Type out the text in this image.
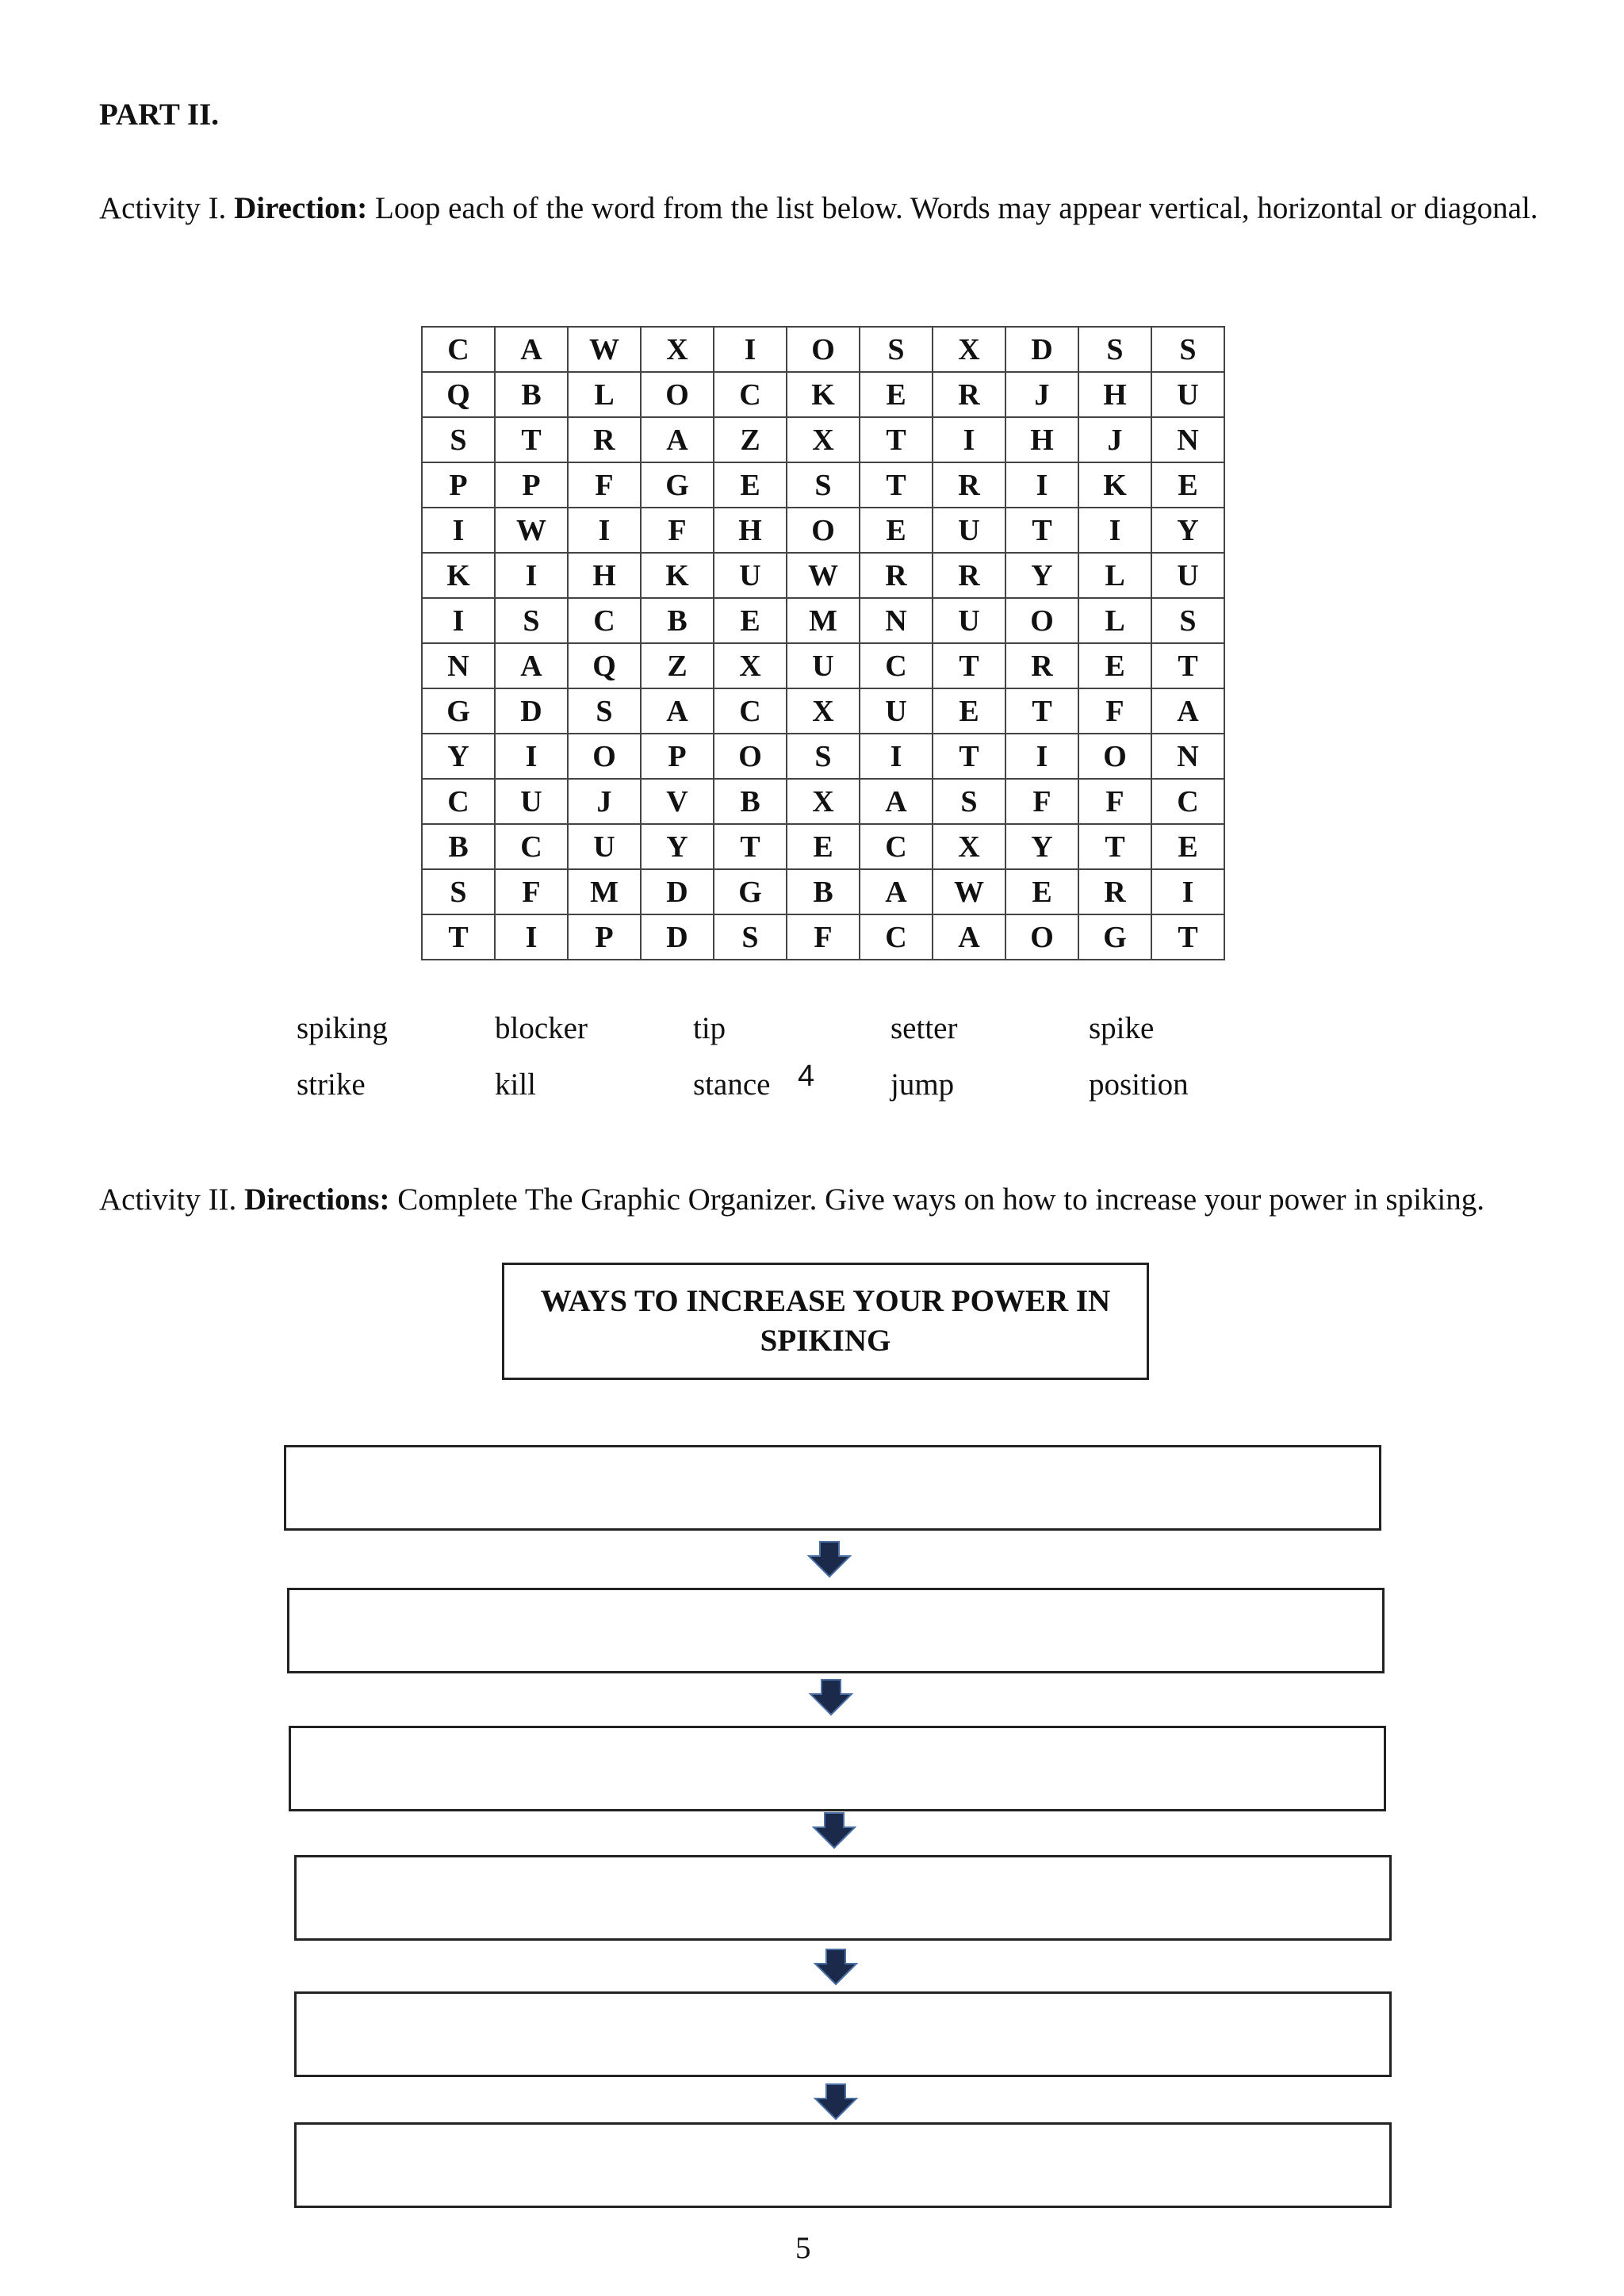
PART II.
Activity I. Direction: Loop each of the word from the list below. Words may appear vertical, horizontal or diagonal.
C	A	W	X	I	O	S	X	D	S	S
Q	B	L	O	C	K	E	R	J	H	U
S	T	R	A	Z	X	T	I	H	J	N
P	P	F	G	E	S	T	R	I	K	E
I	W	I	F	H	O	E	U	T	I	Y
K	I	H	K	U	W	R	R	Y	L	U
I	S	C	B	E	M	N	U	O	L	S
N	A	Q	Z	X	U	C	T	R	E	T
G	D	S	A	C	X	U	E	T	F	A
Y	I	O	P	O	S	I	T	I	O	N
C	U	J	V	B	X	A	S	F	F	C
B	C	U	Y	T	E	C	X	Y	T	E
S	F	M	D	G	B	A	W	E	R	I
T	I	P	D	S	F	C	A	O	G	T
spiking	blocker	tip	setter	spike
strike	kill	stance 4 jump	position
Activity II. Directions: Complete The Graphic Organizer. Give ways on how to increase your power in spiking.
WAYS TO INCREASE YOUR POWER IN SPIKING
5
